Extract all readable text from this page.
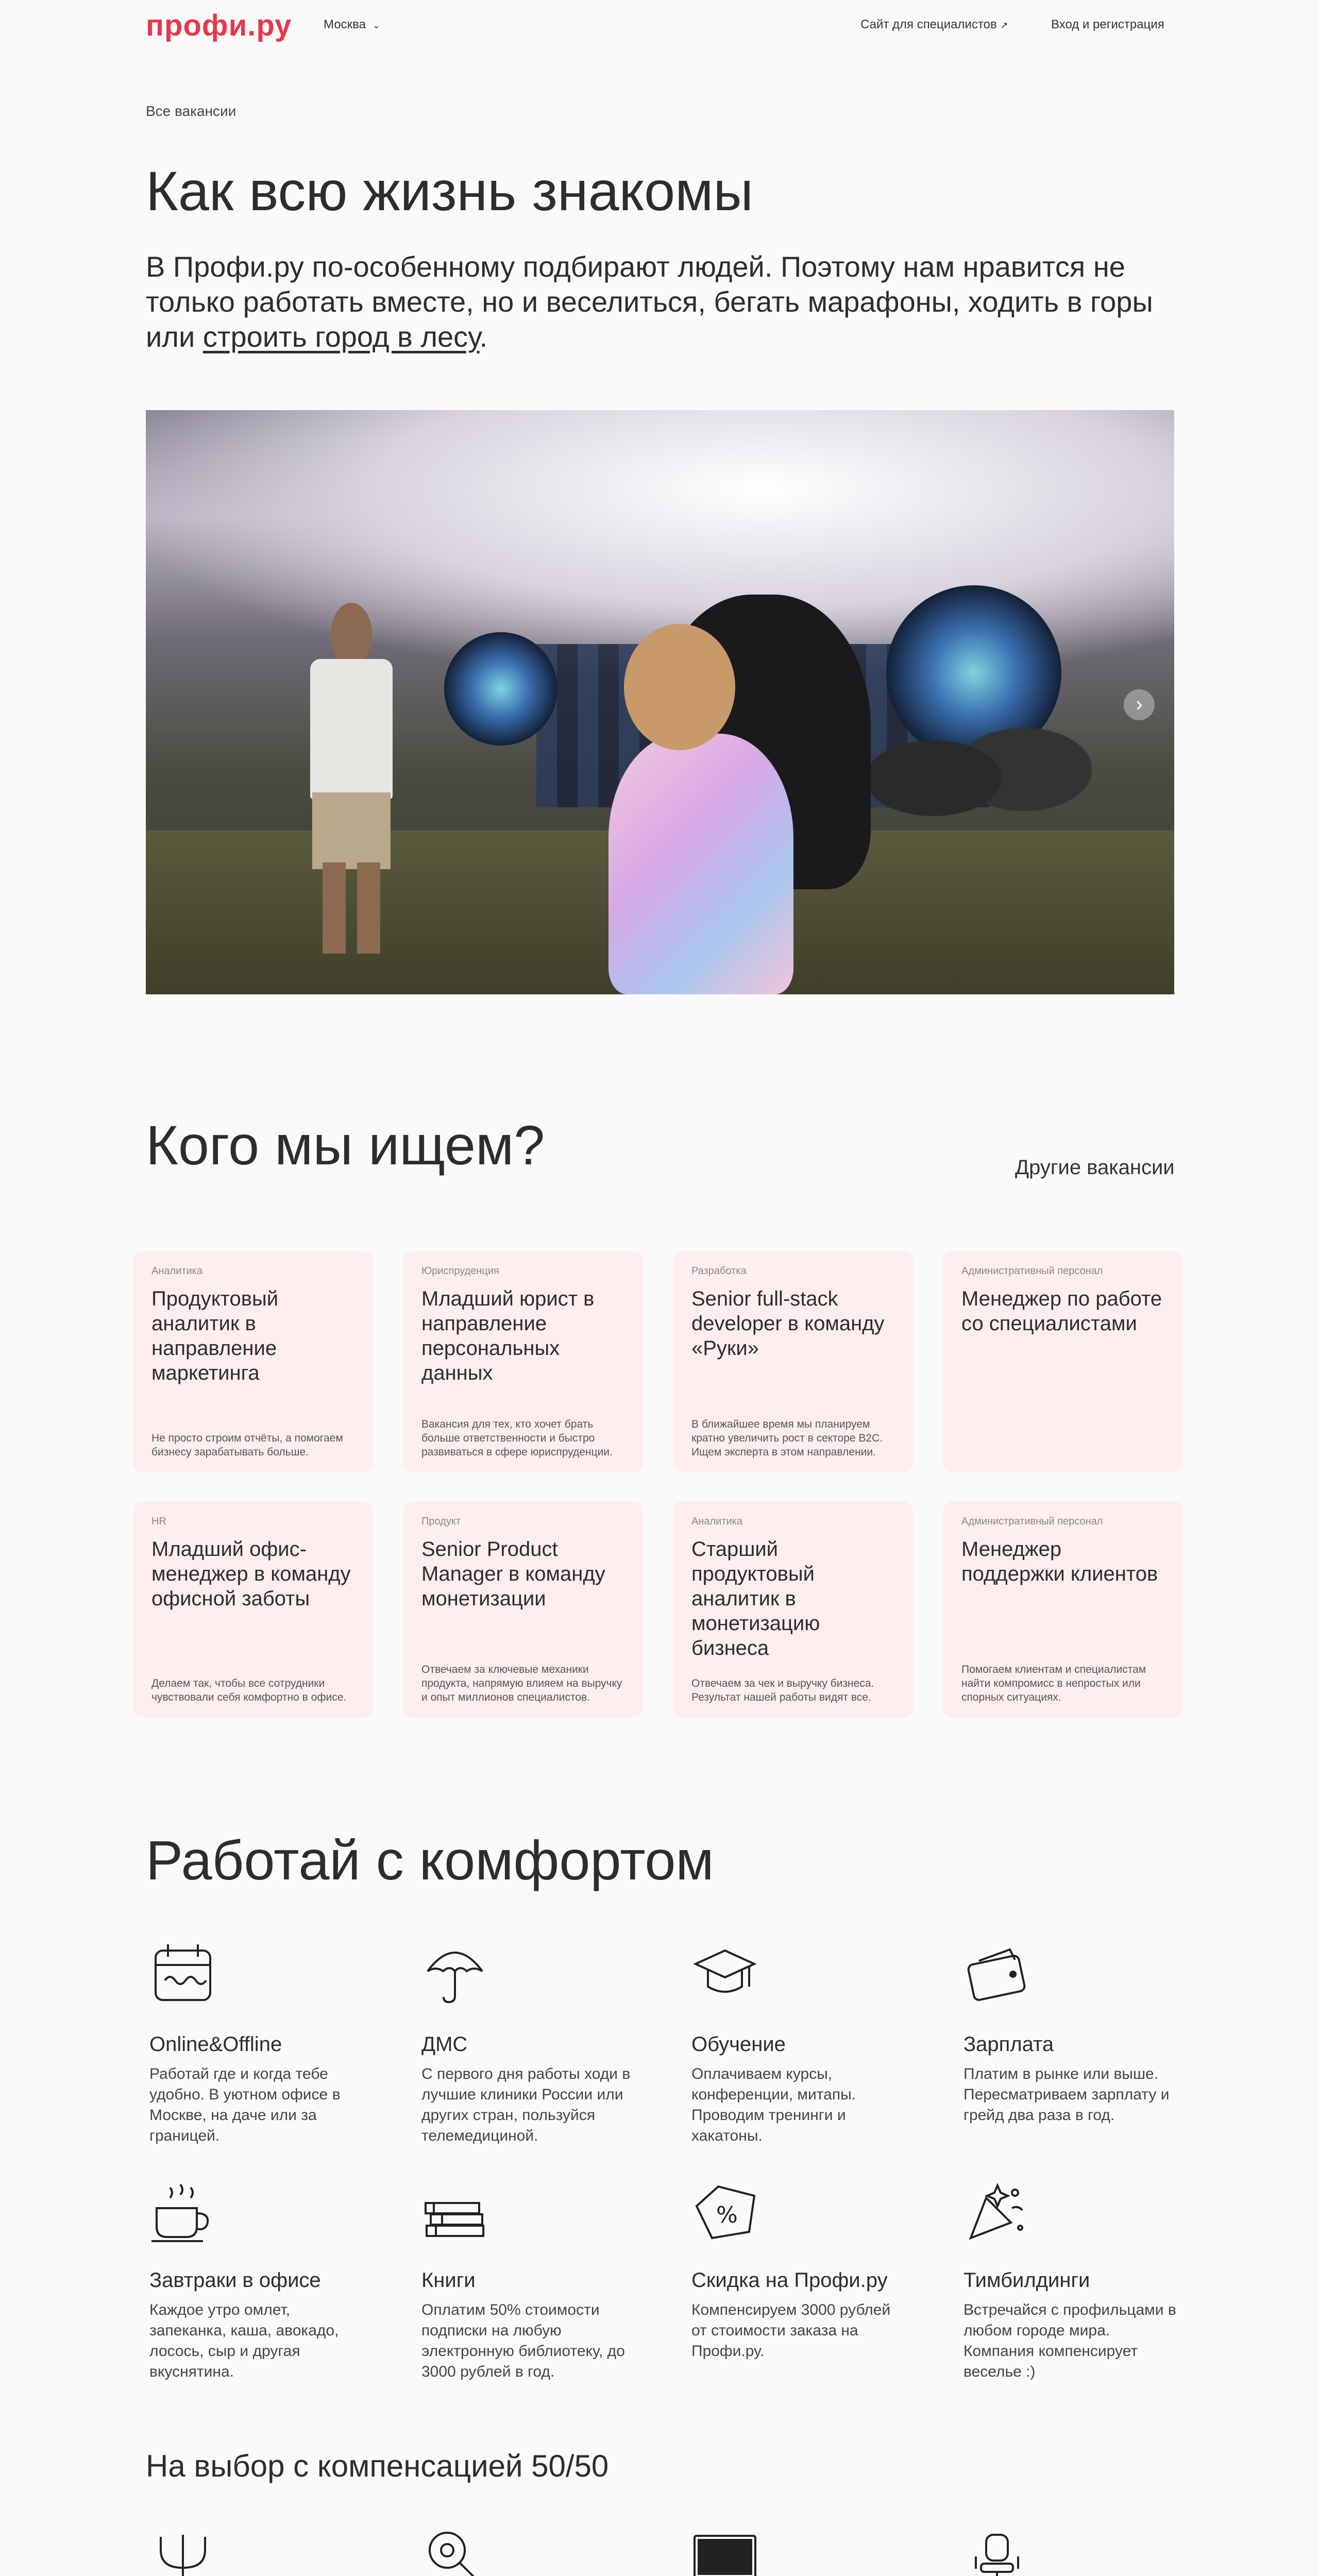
профи.ру	Москва ⌄	Сайт для специалистов ↗	Вход и регистрация
Все вакансии
Как всю жизнь знакомы
В Профи.ру по-особенному подбирают людей. Поэтому нам нравится не только работать вместе, но и веселиться, бегать марафоны, ходить в горы или строить город в лесу.
›
Кого мы ищем?	Другие вакансии
Аналитика
Продуктовый аналитик в направление маркетинга
Не просто строим отчёты, а помогаем бизнесу зарабатывать больше.
Юриспруденция
Младший юрист в направление персональных данных
Вакансия для тех, кто хочет брать больше ответственности и быстро развиваться в сфере юриспруденции.
Разработка
Senior full-stack developer в команду «Руки»
В ближайшее время мы планируем кратно увеличить рост в секторе B2C. Ищем эксперта в этом направлении.
Административный персонал
Менеджер по работе со специалистами
HR
Младший офис-менеджер в команду офисной заботы
Делаем так, чтобы все сотрудники чувствовали себя комфортно в офисе.
Продукт
Senior Product Manager в команду монетизации
Отвечаем за ключевые механики продукта, напрямую влияем на выручку и опыт миллионов специалистов.
Аналитика
Старший продуктовый аналитик в монетизацию бизнеса
Отвечаем за чек и выручку бизнеса. Результат нашей работы видят все.
Административный персонал
Менеджер поддержки клиентов
Помогаем клиентам и специалистам найти компромисс в непростых или спорных ситуациях.
Работай с комфортом
Online&Offline
Работай где и когда тебе удобно. В уютном офисе в Москве, на даче или за границей.
ДМС
С первого дня работы ходи в лучшие клиники России или других стран, пользуйся телемедициной.
Обучение
Оплачиваем курсы, конференции, митапы. Проводим тренинги и хакатоны.
Зарплата
Платим в рынке или выше. Пересматриваем зарплату и грейд два раза в год.
Завтраки в офисе
Каждое утро омлет, запеканка, каша, авокадо, лосось, сыр и другая вкуснятина.
Книги
Оплатим 50% стоимости подписки на любую электронную библиотеку, до 3000 рублей в год.
%
Скидка на Профи.ру
Компенсируем 3000 рублей от стоимости заказа на Профи.ру.
Тимбилдинги
Встречайся с профильцами в любом городе мира. Компания компенсирует веселье :)
На выбор с компенсацией 50/50
